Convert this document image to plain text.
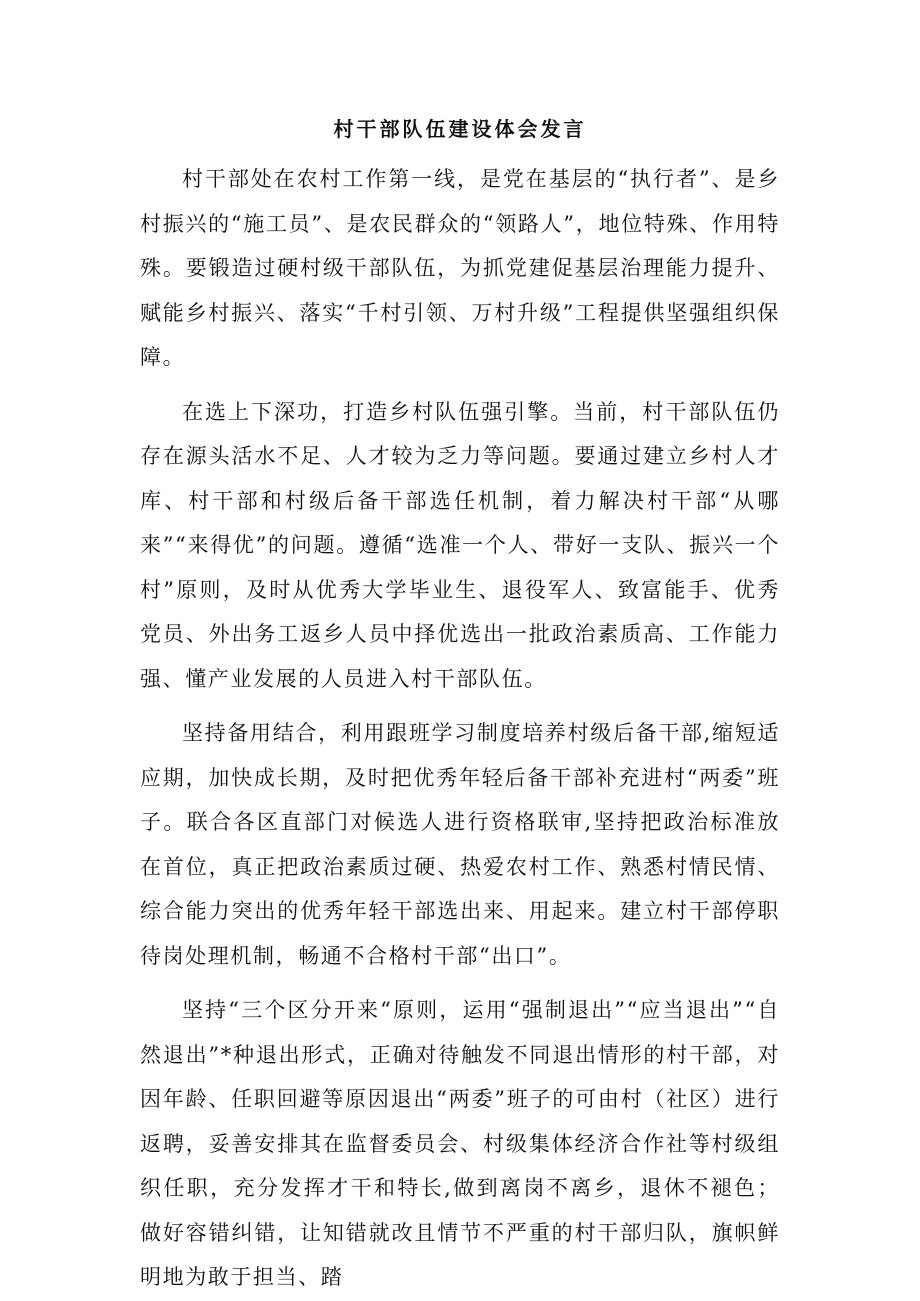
村干部队伍建设体会发言

村干部处在农村工作第一线，是党在基层的“执行者”、是乡村振兴的“施工员”、是农民群众的“领路人”，地位特殊、作用特殊。要锻造过硬村级干部队伍，为抓党建促基层治理能力提升、赋能乡村振兴、落实“千村引领、万村升级”工程提供坚强组织保障。

在选上下深功，打造乡村队伍强引擎。当前，村干部队伍仍存在源头活水不足、人才较为乏力等问题。要通过建立乡村人才库、村干部和村级后备干部选任机制，着力解决村干部“从哪来”“来得优”的问题。遵循“选准一个人、带好一支队、振兴一个村”原则，及时从优秀大学毕业生、退役军人、致富能手、优秀党员、外出务工返乡人员中择优选出一批政治素质高、工作能力强、懂产业发展的人员进入村干部队伍。

坚持备用结合，利用跟班学习制度培养村级后备干部,缩短适应期，加快成长期，及时把优秀年轻后备干部补充进村“两委”班子。联合各区直部门对候选人进行资格联审,坚持把政治标准放在首位，真正把政治素质过硬、热爱农村工作、熟悉村情民情、综合能力突出的优秀年轻干部选出来、用起来。建立村干部停职待岗处理机制，畅通不合格村干部“出口”。

坚持“三个区分开来“原则，运用“强制退出”“应当退出”“自然退出”*种退出形式，正确对待触发不同退出情形的村干部，对因年龄、任职回避等原因退出“两委”班子的可由村（社区）进行返聘，妥善安排其在监督委员会、村级集体经济合作社等村级组织任职，充分发挥才干和特长,做到离岗不离乡，退休不褪色；做好容错纠错，让知错就改且情节不严重的村干部归队，旗帜鲜明地为敢于担当、踏
